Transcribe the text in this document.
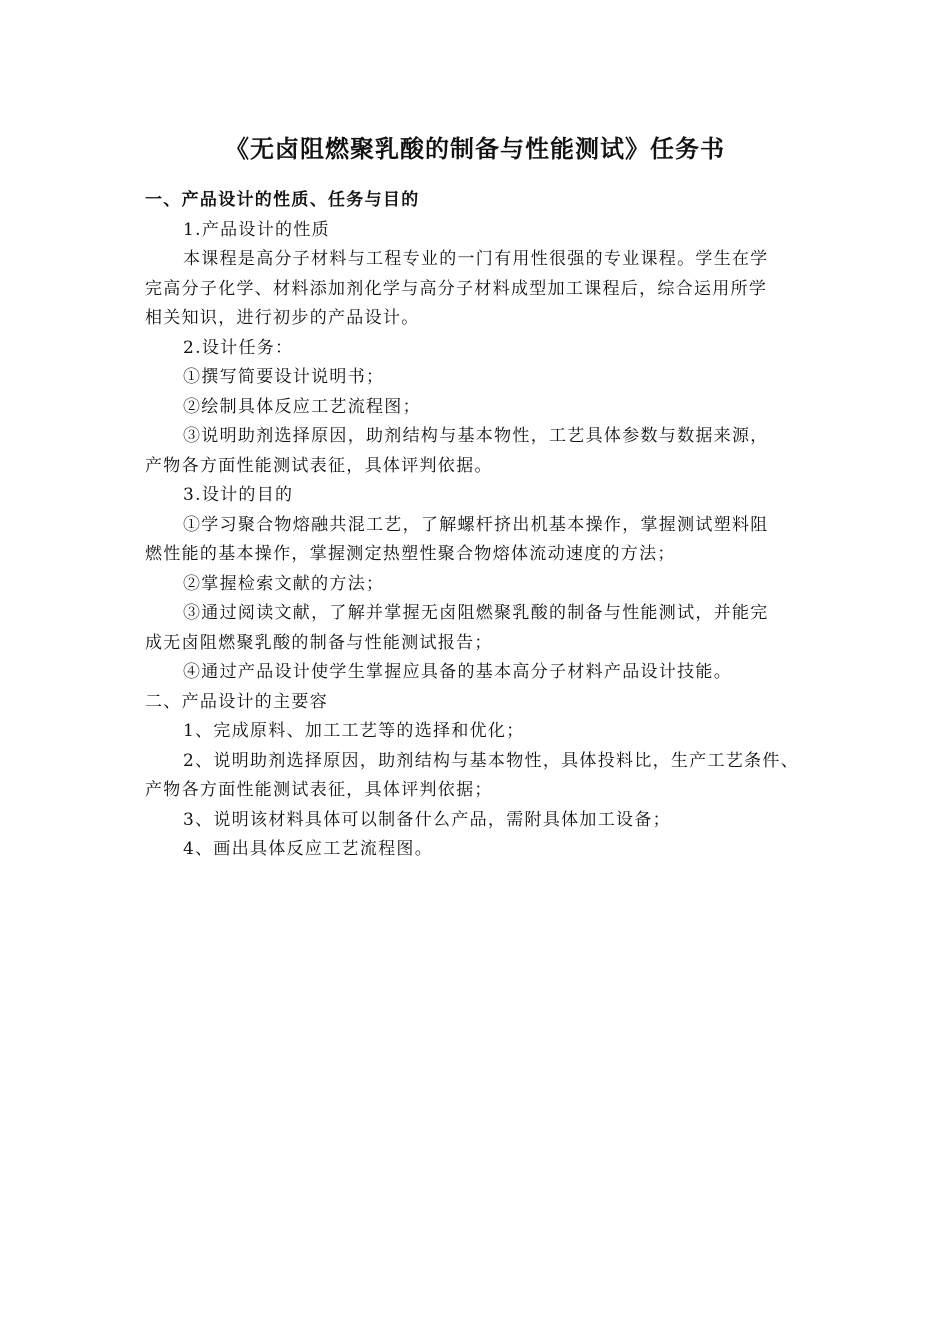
《无卤阻燃聚乳酸的制备与性能测试》任务书
一、产品设计的性质、任务与目的
1.产品设计的性质
本课程是高分子材料与工程专业的一门有用性很强的专业课程。学生在学
完高分子化学、材料添加剂化学与高分子材料成型加工课程后，综合运用所学
相关知识，进行初步的产品设计。
2.设计任务：
①撰写简要设计说明书；
②绘制具体反应工艺流程图；
③说明助剂选择原因，助剂结构与基本物性，工艺具体参数与数据来源，
产物各方面性能测试表征，具体评判依据。
3.设计的目的
①学习聚合物熔融共混工艺，了解螺杆挤出机基本操作，掌握测试塑料阻
燃性能的基本操作，掌握测定热塑性聚合物熔体流动速度的方法；
②掌握检索文献的方法；
③通过阅读文献，了解并掌握无卤阻燃聚乳酸的制备与性能测试，并能完
成无卤阻燃聚乳酸的制备与性能测试报告；
④通过产品设计使学生掌握应具备的基本高分子材料产品设计技能。
二、产品设计的主要容
1、完成原料、加工工艺等的选择和优化；
2、说明助剂选择原因，助剂结构与基本物性，具体投料比，生产工艺条件、
产物各方面性能测试表征，具体评判依据；
3、说明该材料具体可以制备什么产品，需附具体加工设备；
4、画出具体反应工艺流程图。
